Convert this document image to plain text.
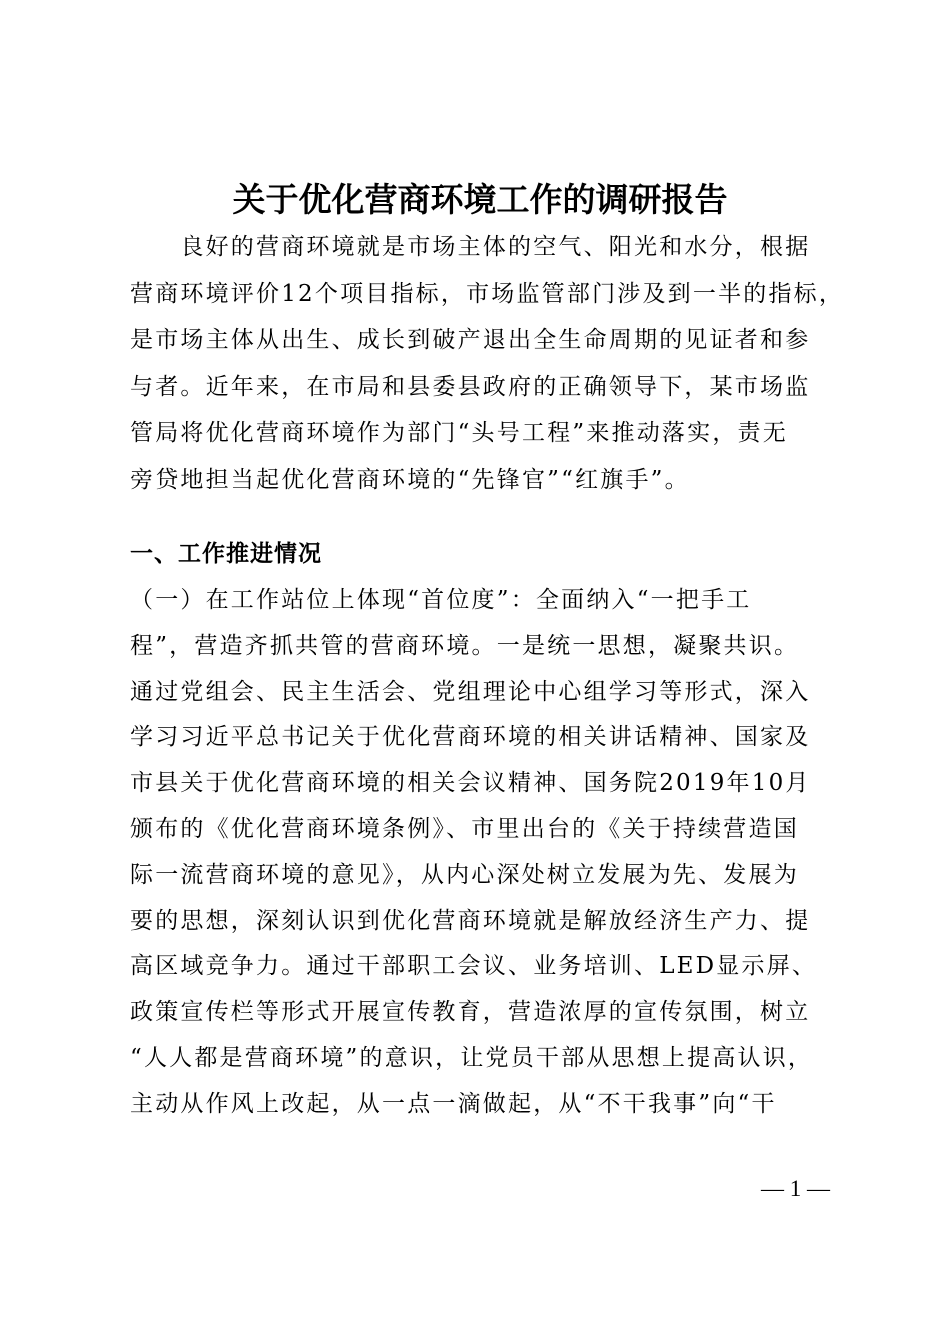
关于优化营商环境工作的调研报告
　　良好的营商环境就是市场主体的空气、阳光和水分，根据
营商环境评价12个项目指标，市场监管部门涉及到一半的指标，
是市场主体从出生、成长到破产退出全生命周期的见证者和参
与者。近年来，在市局和县委县政府的正确领导下，某市场监
管局将优化营商环境作为部门“头号工程”来推动落实，责无
旁贷地担当起优化营商环境的“先锋官”“红旗手”。
一、工作推进情况
（一）在工作站位上体现“首位度”：全面纳入“一把手工
程”，营造齐抓共管的营商环境。一是统一思想，凝聚共识。
通过党组会、民主生活会、党组理论中心组学习等形式，深入
学习习近平总书记关于优化营商环境的相关讲话精神、国家及
市县关于优化营商环境的相关会议精神、国务院2019年10月
颁布的《优化营商环境条例》、市里出台的《关于持续营造国
际一流营商环境的意见》，从内心深处树立发展为先、发展为
要的思想，深刻认识到优化营商环境就是解放经济生产力、提
高区域竞争力。通过干部职工会议、业务培训、LED显示屏、
政策宣传栏等形式开展宣传教育，营造浓厚的宣传氛围，树立
“人人都是营商环境”的意识，让党员干部从思想上提高认识，
主动从作风上改起，从一点一滴做起，从“不干我事”向“干
— 1 —
